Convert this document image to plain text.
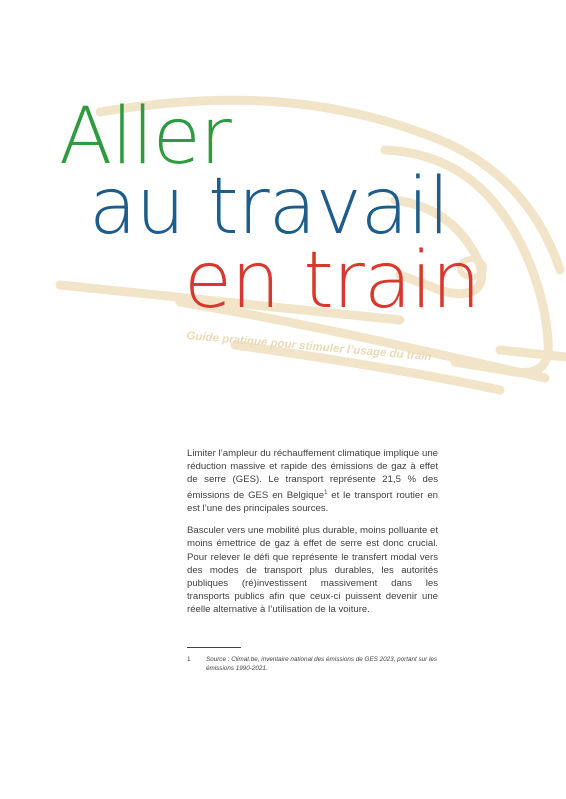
Aller
au travail
en train
Guide pratique pour stimuler l’usage du train

Limiter l’ampleur du réchauffement climatique implique une réduction massive et rapide des émissions de gaz à effet de serre (GES). Le transport représente 21,5 % des émissions de GES en Belgique$^1$ et le transport routier en est l’une des principales sources.

Basculer vers une mobilité plus durable, moins polluante et moins émettrice de gaz à effet de serre est donc crucial. Pour relever le défi que représente le transfert modal vers des modes de transport plus durables, les autorités publiques (ré)investissent massivement dans les transports publics afin que ceux-ci puissent devenir une réelle alternative à l’utilisation de la voiture.

1 Source : Climat.be, inventaire national des émissions de GES 2023, portant sur les émissions 1990-2021.
